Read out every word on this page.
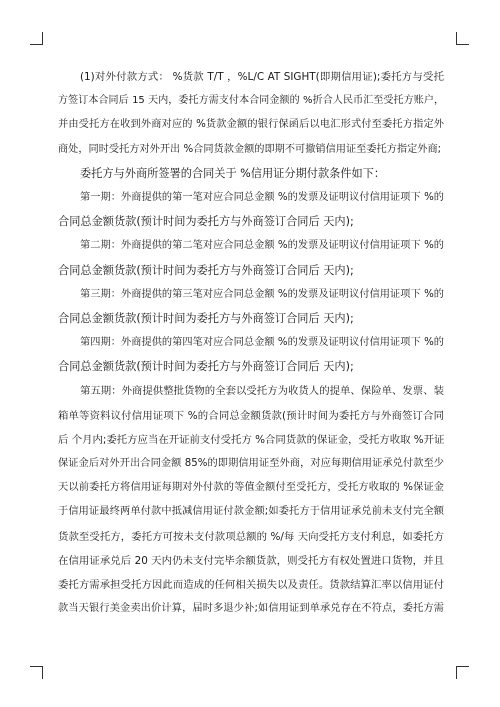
(1)对外付款方式： %货款 T/T ，%L/C AT SIGHT(即期信用证);委托方与受托
方签订本合同后 15 天内，委托方需支付本合同金额的 %折合人民币汇至受托方账户，
并由受托方在收到外商对应的 %货款金额的银行保函后以电汇形式付至委托方指定外
商处，同时受托方对外开出 %合同货款金额的即期不可撤销信用证至委托方指定外商;
委托方与外商所签署的合同关于 %信用证分期付款条件如下：
第一期：外商提供的第一笔对应合同总金额 %的发票及证明议付信用证项下 %的
合同总金额货款(预计时间为委托方与外商签订合同后 天内);
第二期：外商提供的第二笔对应合同总金额 %的发票及证明议付信用证项下 %的
合同总金额货款(预计时间为委托方与外商签订合同后 天内);
第三期：外商提供的第三笔对应合同总金额 %的发票及证明议付信用证项下 %的
合同总金额货款(预计时间为委托方与外商签订合同后 天内);
第四期：外商提供的第四笔对应合同总金额 %的发票及证明议付信用证项下 %的
合同总金额货款(预计时间为委托方与外商签订合同后 天内);
第五期：外商提供整批货物的全套以受托方为收货人的提单、保险单、发票、装
箱单等资料议付信用证项下 %的合同总金额货款(预计时间为委托方与外商签订合同
后 个月内;委托方应当在开证前支付受托方 %合同货款的保证金，受托方收取 %开证
保证金后对外开出合同金额 85%的即期信用证至外商，对应每期信用证承兑付款至少
天以前委托方将信用证每期对外付款的等值金额付至受托方，受托方收取的 %保证金
于信用证最终两单付款中抵减信用证付款金额;如委托方于信用证承兑前未支付完全额
货款至受托方，委托方可按未支付款项总额的 %/每 天向受托方支付利息，如委托方
在信用证承兑后 20 天内仍未支付完毕余额货款，则受托方有权处置进口货物，并且
委托方需承担受托方因此而造成的任何相关损失以及责任。货款结算汇率以信用证付
款当天银行美金卖出价计算，届时多退少补;如信用证到单承兑存在不符点，委托方需
